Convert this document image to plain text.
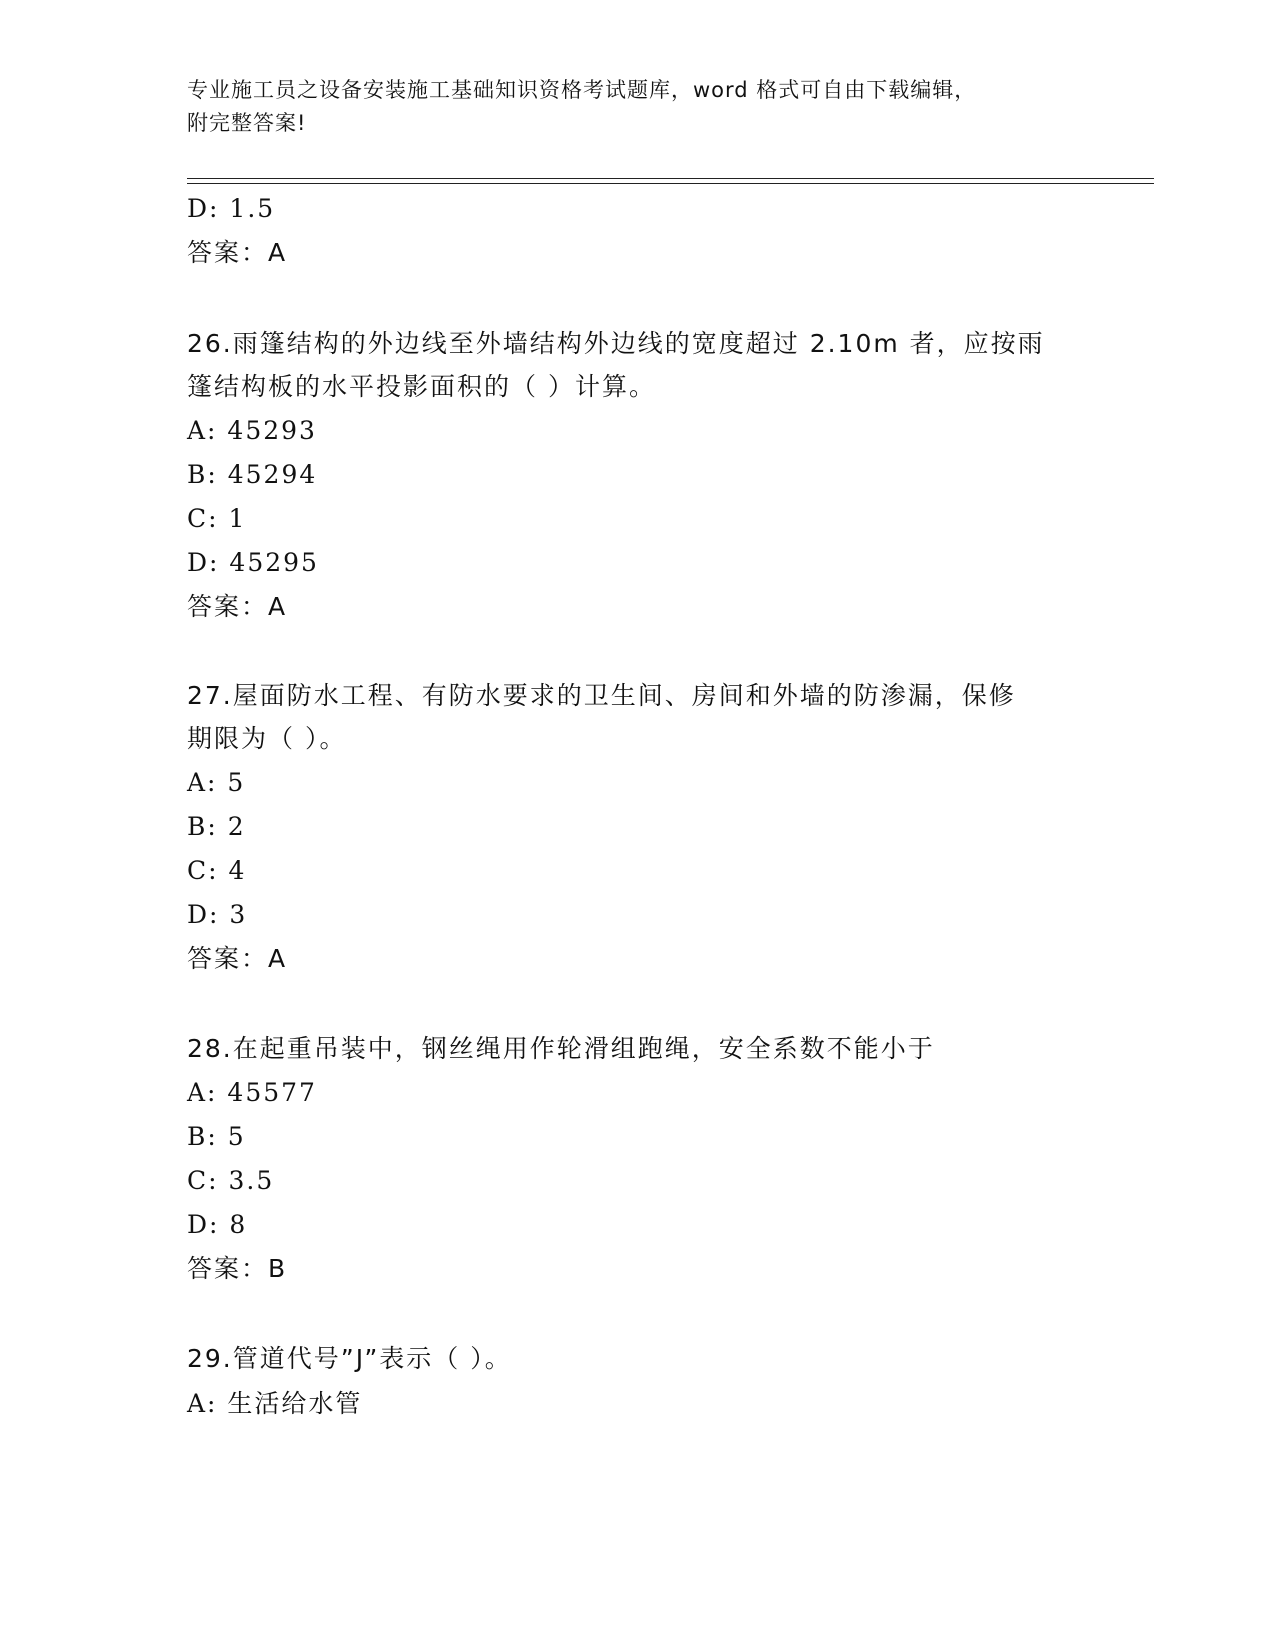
专业施工员之设备安装施工基础知识资格考试题库，word 格式可自由下载编辑，
附完整答案!
D: 1.5
答案：A
26.雨篷结构的外边线至外墙结构外边线的宽度超过 2.10m 者，应按雨
篷结构板的水平投影面积的（ ）计算。
A: 45293
B: 45294
C: 1
D: 45295
答案：A
27.屋面防水工程、有防水要求的卫生间、房间和外墙的防渗漏，保修
期限为（ ）。
A: 5
B: 2
C: 4
D: 3
答案：A
28.在起重吊装中，钢丝绳用作轮滑组跑绳，安全系数不能小于
A: 45577
B: 5
C: 3.5
D: 8
答案：B
29.管道代号”J”表示（ ）。
A: 生活给水管
